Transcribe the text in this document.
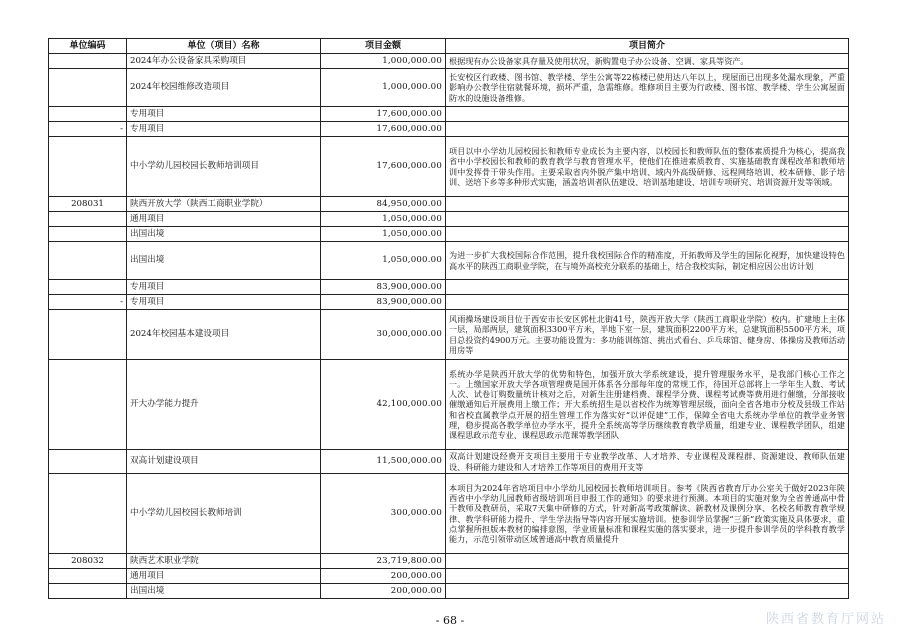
单位编码	单位（项目）名称	项目金额	项目简介
	2024年办公设备家具采购项目	1,000,000.00	根据现有办公设备家具存量及使用状况，新购置电子办公设备、空调、家具等资产。
	2024年校园维修改造项目	1,000,000.00	长安校区行政楼、图书馆、教学楼、学生公寓等22栋楼已使用达八年以上，现屋面已出现多处漏水现象，严重影响办公教学住宿就餐环境，损坏严重，急需维修。维修项目主要为行政楼、图书馆、教学楼、学生公寓屋面防水的设施设备维修。
	专用项目	17,600,000.00	
-	专用项目	17,600,000.00	
	中小学幼儿园校园长教师培训项目	17,600,000.00	项目以中小学幼儿园校园长和教师专业成长为主要内容，以校园长和教师队伍的整体素质提升为核心，提高我省中小学校园长和教师的教育教学与教育管理水平，使他们在推进素质教育、实施基础教育课程改革和教师培训中发挥骨干带头作用。主要采取省内外脱产集中培训、域内外高级研修、远程网络培训、校本研修、影子培训、送培下乡等多种形式实施，涵盖培训者队伍建设、培训基地建设、培训专项研究、培训资源开发等领域。
208031	陕西开放大学（陕西工商职业学院）	84,950,000.00	
	通用项目	1,050,000.00	
	出国出境	1,050,000.00	
	出国出境	1,050,000.00	为进一步扩大我校国际合作范围，提升我校国际合作的精准度，开拓教师及学生的国际化视野，加快建设特色高水平的陕西工商职业学院，在与境外高校充分联系的基础上，结合我校实际，制定相应因公出访计划
	专用项目	83,900,000.00	
-	专用项目	83,900,000.00	
	2024年校园基本建设项目	30,000,000.00	风雨操场建设项目位于西安市长安区郭杜北街41号，陕西开放大学（陕西工商职业学院）校内。扩建地上主体一层，局部两层，建筑面积3300平方米，半地下室一层，建筑面积2200平方米，总建筑面积5500平方米，项目总投资约4900万元。主要功能设置为：多功能训练馆、挑出式看台、乒乓球馆、健身房、体操房及教师活动用房等
	开大办学能力提升	42,100,000.00	系统办学是陕西开放大学的优势和特色，加强开放大学系统建设，提升管理服务水平，是我部门核心工作之一。上缴国家开放大学各项管理费是国开体系各分部每年度的常规工作，待国开总部将上一学年生人数、考试人次、试卷订购数量统计核对之后，对新生注册建档费、课程学分费、课程考试费等费用进行催缴，分部接收催缴通知后开展费用上缴工作；开大系统招生是以省校作为统筹管理层级，面向全省各地市分校及县级工作站和省校直属教学点开展的招生管理工作为落实好“以评促建”工作，保障全省电大系统办学单位的教学业务管理，稳步提高各教学单位办学水平，提升全系统高等学历继续教育教学质量，组建专业、课程教学团队，组建课程思政示范专业、课程思政示范课等教学团队
	双高计划建设项目	11,500,000.00	双高计划建设经费开支项目主要用于专业教学改革、人才培养、专业课程及课程群、资源建设、教师队伍建设、科研能力建设和人才培养工作等项目的费用开支等
	中小学幼儿园校园长教师培训	300,000.00	本项目为2024年省培项目中小学幼儿园校园长教师培训项目。参考《陕西省教育厅办公室关于做好2023年陕西省中小学幼儿园教师省级培训项目申报工作的通知》的要求进行预测。本项目的实施对象为全省普通高中骨干教师及教研员，采取7天集中研修的方式，针对新高考政策解读、新教材及课例分享、名校名师教育教学规律、教学科研能力提升、学生学法指导等内容开展实施培训。使参训学员掌握“三新”政策实施及具体要求，重点掌握所担版本教材的编排意图，学业质量标准和课程实施的落实要求，进一步提升参训学员的学科教育教学能力，示范引领带动区域普通高中教育质量提升
208032	陕西艺术职业学院	23,719,800.00	
	通用项目	200,000.00	
	出国出境	200,000.00	
- 68 -	陕西省教育厅网站
